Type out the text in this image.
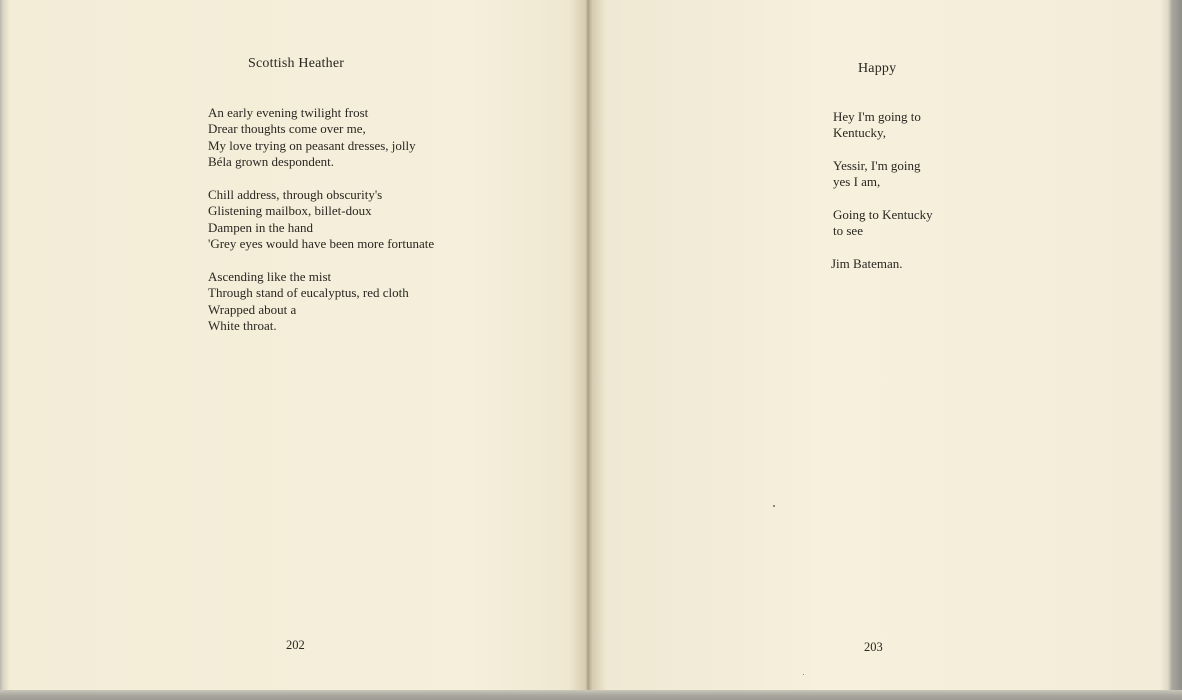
Scottish Heather
An early evening twilight frost
Drear thoughts come over me,
My love trying on peasant dresses, jolly
Béla grown despondent.
Chill address, through obscurity's
Glistening mailbox, billet-doux
Dampen in the hand
'Grey eyes would have been more fortunate
Ascending like the mist
Through stand of eucalyptus, red cloth
Wrapped about a
White throat.
202
Happy
Hey I'm going to
Kentucky,
Yessir, I'm going
yes I am,
Going to Kentucky
to see
Jim Bateman.
203
